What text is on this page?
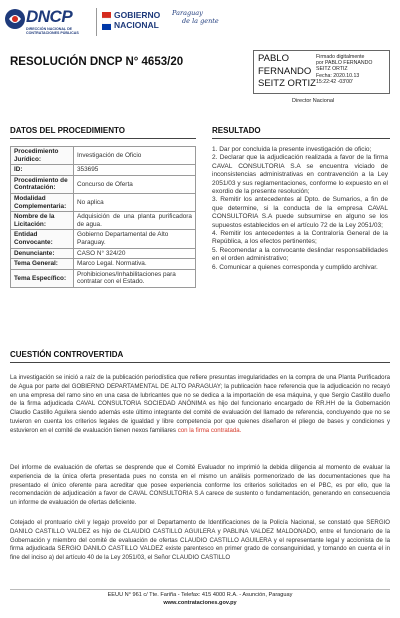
DNCP
DIRECCIÓN NACIONAL DE CONTRATACIONES PÚBLICAS
GOBIERNO
NACIONAL
Paraguay
de la gente
RESOLUCIÓN DNCP N° 4653/20	PABLO
FERNANDO
SEITZ ORTIZ
Firmado digitalmente
por PABLO FERNANDO
SEITZ ORTIZ
Fecha: 2020.10.13
15:22:42 -03'00'
Director Nacional
DATOS DEL PROCEDIMIENTO	RESULTADO
Procedimiento Jurídico:	Investigación de Oficio
ID:	353695
Procedimiento de Contratación:	Concurso de Oferta
Modalidad Complementaria:	No aplica
Nombre de la Licitación:	Adquisición de una planta purificadora de agua.
Entidad Convocante:	Gobierno Departamental de Alto Paraguay.
Denunciante:	CASO N° 324/20
Tema General:	Marco Legal. Normativa.
Tema Específico:	Prohibiciones/Inhabilitaciones para contratar con el Estado.
1. Dar por concluida la presente investigación de oficio;
2. Declarar que la adjudicación realizada a favor de la firma CAVAL CONSULTORIA S.A se encuentra viciado de inconsistencias administrativas en contravención a la Ley 2051/03 y sus reglamentaciones, conforme lo expuesto en el exordio de la presente resolución;
3. Remitir los antecedentes al Dpto. de Sumarios, a fin de que determine, si la conducta de la empresa CAVAL CONSULTORIA S.A puede subsumirse en alguno se los supuestos establecidos en el artículo 72 de la Ley 2051/03;
4. Remitir los antecedentes a la Contraloría General de la República, a los efectos pertinentes;
5. Recomendar a la convocante deslindar responsabilidades en el orden administrativo;
6. Comunicar a quienes corresponda y cumplido archivar.
CUESTIÓN CONTROVERTIDA
La investigación se inició a raíz de la publicación periodística que refiere presuntas irregularidades en la compra de una Planta Purificadora de Agua por parte del GOBIERNO DEPARTAMENTAL DE ALTO PARAGUAY; la publicación hace referencia que la adjudicación no recayó en una empresa del ramo sino en una casa de lubricantes que no se dedica a la importación de esa máquina, y que Sergio Castillo dueño de la firma adjudicada CAVAL CONSULTORIA SOCIEDAD ANÓNIMA es hijo del funcionario encargado de RR.HH de la Gobernación Claudio Castillo Aguilera siendo además este último integrante del comité de evaluación del llamado de referencia, concluyendo que no se tuvieron en cuenta los criterios legales de igualdad y libre competencia por que quienes diseñaron el pliego de bases y condiciones y estuvieron en el comité de evaluación tienen nexos familiares con la firma contratada.
Del informe de evaluación de ofertas se desprende que el Comité Evaluador no imprimió la debida diligencia al momento de evaluar la experiencia de la única oferta presentada pues no consta en el mismo un análisis pormenorizado de las documentaciones que ha presentado el único oferente para acreditar que posee experiencia conforme los criterios solicitados en el PBC, es por ello, que la recomendación de adjudicación a favor de CAVAL CONSULTORIA S.A carece de sustento o fundamentación, generando en consecuencia un informe de evaluación de ofertas deficiente.
Cotejado el prontuario civil y legajo proveído por el Departamento de Identificaciones de la Policía Nacional, se constató que SERGIO DANILO CASTILLO VALDEZ es hijo de CLAUDIO CASTILLO AGUILERA y PABLINA VALDEZ MALDONADO, entre el funcionario de la Gobernación y miembro del comité de evaluación de ofertas CLAUDIO CASTILLO AGUILERA y el representante legal y accionista de la firma adjudicada SERGIO DANILO CASTILLO VALDEZ existe parentesco en primer grado de consanguinidad, y tomando en cuenta el in fine del inciso a) del artículo 40 de la Ley 2051/03, el Señor CLAUDIO CASTILLO
EEUU N° 961 c/ Tte. Fariña - Telefax: 415 4000 R.A. - Asunción, Paraguay
www.contrataciones.gov.py
